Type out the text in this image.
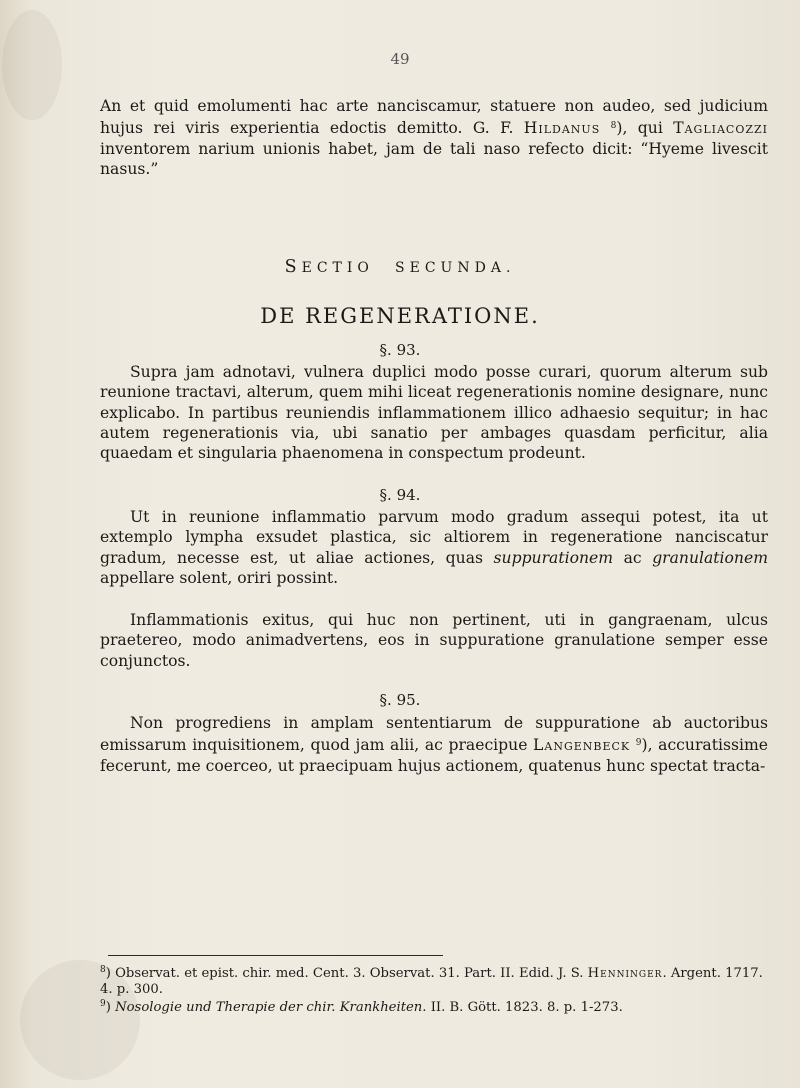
49

An et quid emolumenti hac arte nanciscamur, statuere non audeo, sed judicium hujus rei viris experientia edoctis demitto. G. F. Hildanus $^8$), qui Tagliacozzi inventorem narium unionis habet, jam de tali naso refecto dicit: “Hyeme livescit nasus.”

SECTIO SECUNDA.

DE REGENERATIONE.

§. 93.

Supra jam adnotavi, vulnera duplici modo posse curari, quorum alterum sub reunione tractavi, alterum, quem mihi liceat regenerationis nomine designare, nunc explicabo. In partibus reuniendis inflammationem illico adhaesio sequitur; in hac autem regenerationis via, ubi sanatio per ambages quasdam perficitur, alia quaedam et singularia phaenomena in conspectum prodeunt.

§. 94.

Ut in reunione inflammatio parvum modo gradum assequi potest, ita ut extemplo lympha exsudet plastica, sic altiorem in regeneratione nanciscatur gradum, necesse est, ut aliae actiones, quas suppurationem ac granulationem appellare solent, oriri possint.

Inflammationis exitus, qui huc non pertinent, uti in gangraenam, ulcus praetereo, modo animadvertens, eos in suppuratione granulatione semper esse conjunctos.

§. 95.

Non progrediens in amplam sententiarum de suppuratione ab auctoribus emissarum inquisitionem, quod jam alii, ac praecipue Langenbeck $^9$), accuratissime fecerunt, me coerceo, ut praecipuam hujus actionem, quatenus hunc spectat tracta-

$^8$) Observat. et epist. chir. med. Cent. 3. Observat. 31. Part. II. Edid. J. S. Henninger. Argent. 1717. 4. p. 300.

$^9$) Nosologie und Therapie der chir. Krankheiten. II. B. Gött. 1823. 8. p. 1-273.
